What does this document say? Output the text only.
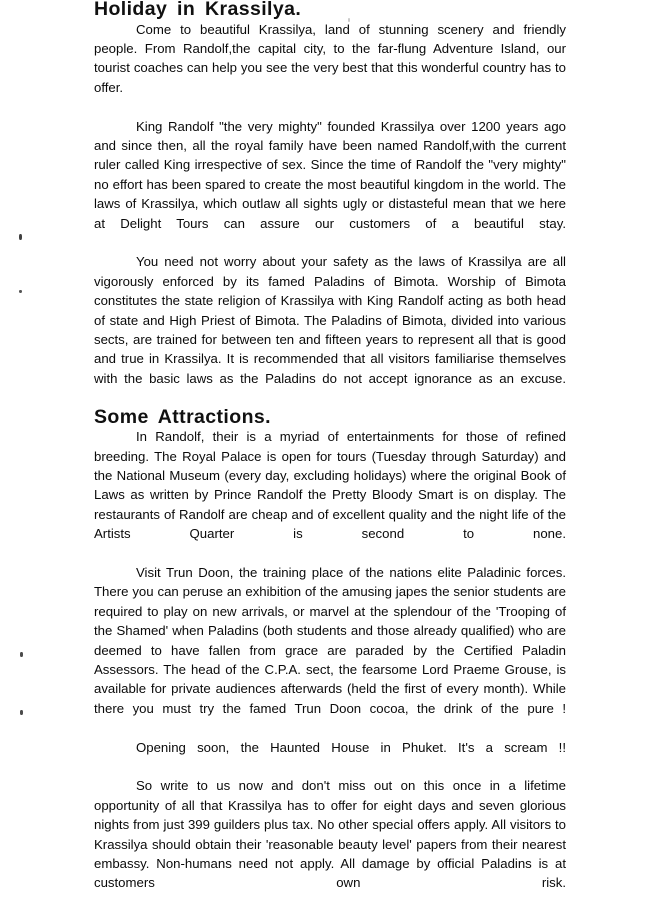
Holiday in Krassilya.

Come to beautiful Krassilya, land of stunning scenery and friendly people. From Randolf,the capital city, to the far-flung Adventure Island, our tourist coaches can help you see the very best that this wonderful country has to offer.

King Randolf "the very mighty" founded Krassilya over 1200 years ago and since then, all the royal family have been named Randolf,with the current ruler called King irrespective of sex. Since the time of Randolf the "very mighty" no effort has been spared to create the most beautiful kingdom in the world. The laws of Krassilya, which outlaw all sights ugly or distasteful mean that we here at Delight Tours can assure our customers of a beautiful stay.

You need not worry about your safety as the laws of Krassilya are all vigorously enforced by its famed Paladins of Bimota. Worship of Bimota constitutes the state religion of Krassilya with King Randolf acting as both head of state and High Priest of Bimota. The Paladins of Bimota, divided into various sects, are trained for between ten and fifteen years to represent all that is good and true in Krassilya. It is recommended that all visitors familiarise themselves with the basic laws as the Paladins do not accept ignorance as an excuse.

Some Attractions.

In Randolf, their is a myriad of entertainments for those of refined breeding. The Royal Palace is open for tours (Tuesday through Saturday) and the National Museum (every day, excluding holidays) where the original Book of Laws as written by Prince Randolf the Pretty Bloody Smart is on display. The restaurants of Randolf are cheap and of excellent quality and the night life of the Artists Quarter is second to none.

Visit Trun Doon, the training place of the nations elite Paladinic forces. There you can peruse an exhibition of the amusing japes the senior students are required to play on new arrivals, or marvel at the splendour of the 'Trooping of the Shamed' when Paladins (both students and those already qualified) who are deemed to have fallen from grace are paraded by the Certified Paladin Assessors. The head of the C.P.A. sect, the fearsome Lord Praeme Grouse, is available for private audiences afterwards (held the first of every month). While there you must try the famed Trun Doon cocoa, the drink of the pure !

Opening soon, the Haunted House in Phuket. It's a scream !!

So write to us now and don't miss out on this once in a lifetime opportunity of all that Krassilya has to offer for eight days and seven glorious nights from just 399 guilders plus tax. No other special offers apply. All visitors to Krassilya should obtain their 'reasonable beauty level' papers from their nearest embassy. Non-humans need not apply. All damage by official Paladins is at customers own risk.
